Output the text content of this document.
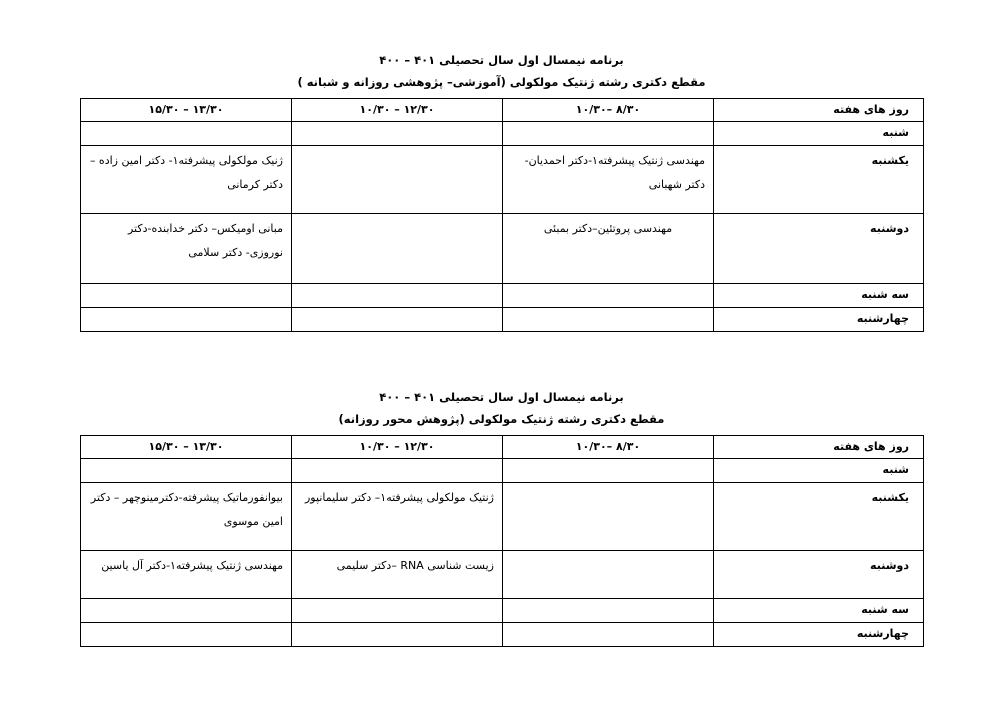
برنامه نیمسال اول سال تحصیلی ۴۰۱ – ۴۰۰
مقطع دکتری رشته ژنتیک مولکولی (آموزشی– پژوهشی روزانه و شبانه )
روز های هفته	۸/۳۰ –۱۰/۳۰	۱۲/۳۰ – ۱۰/۳۰	۱۳/۳۰ – ۱۵/۳۰
شنبه			
یکشنبه	مهندسی ژنتیک پیشرفته۱-دکتر احمدیان- دکتر شهبانی		ژنیک مولکولی پیشرفته۱- دکتر امین زاده – دکتر کرمانی
دوشنبه	مهندسی پروتئین–دکتر بمبئی		مبانی اومیکس– دکتر خدابنده-دکتر نوروزی- دکتر سلامی
سه شنبه			
چهارشنبه			
برنامه نیمسال اول سال تحصیلی ۴۰۱ – ۴۰۰
مقطع دکتری رشته ژنتیک مولکولی (پژوهش محور روزانه)
روز های هفته	۸/۳۰ –۱۰/۳۰	۱۲/۳۰ – ۱۰/۳۰	۱۳/۳۰ – ۱۵/۳۰
شنبه			
یکشنبه		ژنتیک مولکولی پیشرفته۱– دکتر سلیمانپور	بیوانفورماتیک پیشرفته-دکترمینوچهر – دکتر امین موسوی
دوشنبه		زیست شناسی RNA –دکتر سلیمی	مهندسی ژنتیک پیشرفته۱-دکتر آل یاسین
سه شنبه			
چهارشنبه			
